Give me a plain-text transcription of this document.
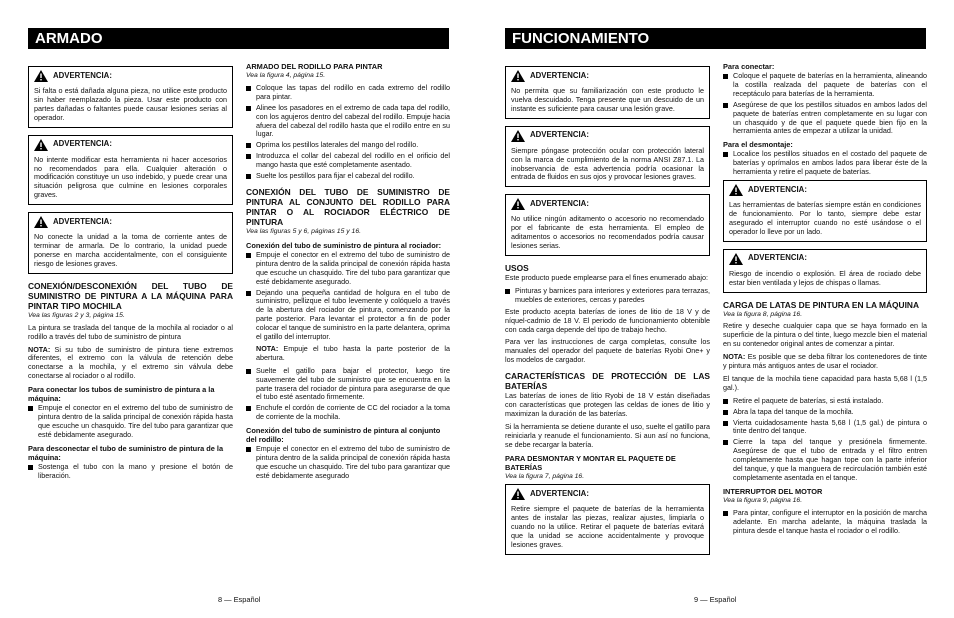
ARMADO
ADVERTENCIA:
Si falta o está dañada alguna pieza, no utilice este producto sin haber reemplazado la pieza. Usar este producto con partes dañadas o faltantes puede causar lesiones serias al operador.
ADVERTENCIA:
No intente modificar esta herramienta ni hacer accesorios no recomendados para ella. Cualquier alteración o modificación constituye un uso indebido, y puede crear una situación peligrosa que culmine en lesiones corporales graves.
ADVERTENCIA:
No conecte la unidad a la toma de corriente antes de terminar de armarla. De lo contrario, la unidad puede ponerse en marcha accidentalmente, con el consiguiente riesgo de lesiones graves.
CONEXIÓN/DESCONEXIÓN DEL TUBO DE SUMINISTRO DE PINTURA A LA MÁQUINA PARA PINTAR TIPO MOCHILA
Vea las figuras 2 y 3, página 15.

La pintura se traslada del tanque de la mochila al rociador o al rodillo a través del tubo de suministro de pintura

NOTA: Si su tubo de suministro de pintura tiene extremos diferentes, el extremo con la válvula de retención debe conectarse a la mochila, y el extremo sin válvula debe conectarse al rociador o al rodillo.

Para conectar los tubos de suministro de pintura a la máquina:
Empuje el conector en el extremo del tubo de suministro de pintura dentro de la salida principal de conexión rápida hasta que escuche un chasquido. Tire del tubo para garantizar que esté debidamente asegurado.
Para desconectar el tubo de suministro de pintura de la máquina:
Sostenga el tubo con la mano y presione el botón de liberación.
ARMADO DEL RODILLO PARA PINTAR
Vea la figura 4, página 15.
Coloque las tapas del rodillo en cada extremo del rodillo para pintar.
Alinee los pasadores en el extremo de cada tapa del rodillo, con los agujeros dentro del cabezal del rodillo. Empuje hacia afuera del cabezal del rodillo hasta que el rodillo entre en su lugar.
Oprima los pestillos laterales del mango del rodillo.
Introduzca el collar del cabezal del rodillo en el orificio del mango hasta que esté completamente asentado.
Suelte los pestillos para fijar el cabezal del rodillo.
CONEXIÓN DEL TUBO DE SUMINISTRO DE PINTURA AL CONJUNTO DEL RODILLO PARA PINTAR O AL ROCIADOR ELÉCTRICO DE PINTURA
Vea las figuras 5 y 6, páginas 15 y 16.
Conexión del tubo de suministro de pintura al rociador:
Empuje el conector en el extremo del tubo de suministro de pintura dentro de la salida principal de conexión rápida hasta que escuche un chasquido. Tire del tubo para garantizar que esté debidamente asegurado.
Dejando una pequeña cantidad de holgura en el tubo de suministro, pellizque el tubo levemente y colóquelo a través de la abertura del rociador de pintura, comenzando por la parte posterior. Para levantar el protector a fin de poder colocar el tanque de suministro en la parte delantera, oprima el gatillo del interruptor.

NOTA: Empuje el tubo hasta la parte posterior de la abertura.

Suelte el gatillo para bajar el protector, luego tire suavemente del tubo de suministro que se encuentra en la parte trasera del rociador de pintura para asegurarse de que el tubo esté asentado firmemente.
Enchufe el cordón de corriente de CC del rociador a la toma de corriente de la mochila.
Conexión del tubo de suministro de pintura al conjunto del rodillo:
Empuje el conector en el extremo del tubo de suministro de pintura dentro de la salida principal de conexión rápida hasta que escuche un chasquido. Tire del tubo para garantizar que esté debidamente asegurado
8 — Español
FUNCIONAMIENTO
ADVERTENCIA:
No permita que su familiarización con este producto le vuelva descuidado. Tenga presente que un descuido de un instante es suficiente para causar una lesión grave.
ADVERTENCIA:
Siempre póngase protección ocular con protección lateral con la marca de cumplimiento de la norma ANSI Z87.1. La inobservancia de esta advertencia podría ocasionar la entrada de fluidos en sus ojos y provocar lesiones graves.
ADVERTENCIA:
No utilice ningún aditamento o accesorio no recomendado por el fabricante de esta herramienta. El empleo de aditamentos o accesorios no recomendados podría causar lesiones serias.
USOS

Este producto puede emplearse para el fines enumerado abajo:

Pinturas y barnices para interiores y exteriores para terrazas, muebles de exteriores, cercas y paredes

Este producto acepta baterías de iones de litio de 18 V y de níquel-cadmio de 18 V. El periodo de funcionamiento obtenible con cada carga depende del tipo de trabajo hecho.

Para ver las instrucciones de carga completas, consulte los manuales del operador del paquete de baterías Ryobi One+ y los modelos de cargador.

CARACTERÍSTICAS DE PROTECCIÓN DE LAS BATERÍAS

Las baterías de iones de litio Ryobi de 18 V están diseñadas con características que protegen las celdas de iones de litio y maximizan la duración de las baterías.

Si la herramienta se detiene durante el uso, suelte el gatillo para reiniciarla y reanude el funcionamiento. Si aun así no funciona, se debe recargar la batería.

PARA DESMONTAR Y MONTAR EL PAQUETE DE BATERÍAS
Vea la figura 7, página 16.
ADVERTENCIA:
Retire siempre el paquete de baterías de la herramienta antes de instalar las piezas, realizar ajustes, limpiarla o cuando no la utilice. Retirar el paquete de baterías evitará que la unidad se accione accidentalmente y provoque lesiones graves.
Para conectar:
Coloque el paquete de baterías en la herramienta, alineando la costilla realzada del paquete de baterías con el receptáculo para baterías de la herramienta.
Asegúrese de que los pestillos situados en ambos lados del paquete de baterías entren completamente en su lugar con un chasquido y de que el paquete quede bien fijo en la herramienta antes de empezar a utilizar la unidad.
Para el desmontaje:
Localice los pestillos situados en el costado del paquete de baterías y oprímalos en ambos lados para liberar éste de la herramienta y retire el paquete de baterías.
ADVERTENCIA:
Las herramientas de baterías siempre están en condiciones de funcionamiento. Por lo tanto, siempre debe estar asegurado el interruptor cuando no esté usándose o el operador lo lleve por un lado.
ADVERTENCIA:
Riesgo de incendio o explosión. El área de rociado debe estar bien ventilada y lejos de chispas o llamas.
CARGA DE LATAS DE PINTURA EN LA MÁQUINA
Vea la figura 8, página 16.

Retire y deseche cualquier capa que se haya formado en la superficie de la pintura o del tinte, luego mezcle bien el material en su contenedor original antes de comenzar a pintar.

NOTA: Es posible que se deba filtrar los contenedores de tinte y pintura más antiguos antes de usar el rociador.

El tanque de la mochila tiene capacidad para hasta 5,68 l (1,5 gal.).

Retire el paquete de baterías, si está instalado.
Abra la tapa del tanque de la mochila.
Vierta cuidadosamente hasta 5,68 l (1,5 gal.) de pintura o tinte dentro del tanque.
Cierre la tapa del tanque y presiónela firmemente. Asegúrese de que el tubo de entrada y el filtro entren completamente hasta que hagan tope con la parte inferior del tanque, y que la manguera de recirculación también esté completamente asentada en el tanque.
INTERRUPTOR DEL MOTOR
Vea la figura 9, página 16.
Para pintar, configure el interruptor en la posición de marcha adelante. En marcha adelante, la máquina traslada la pintura desde el tanque hasta el rociador o el rodillo.
9 — Español
